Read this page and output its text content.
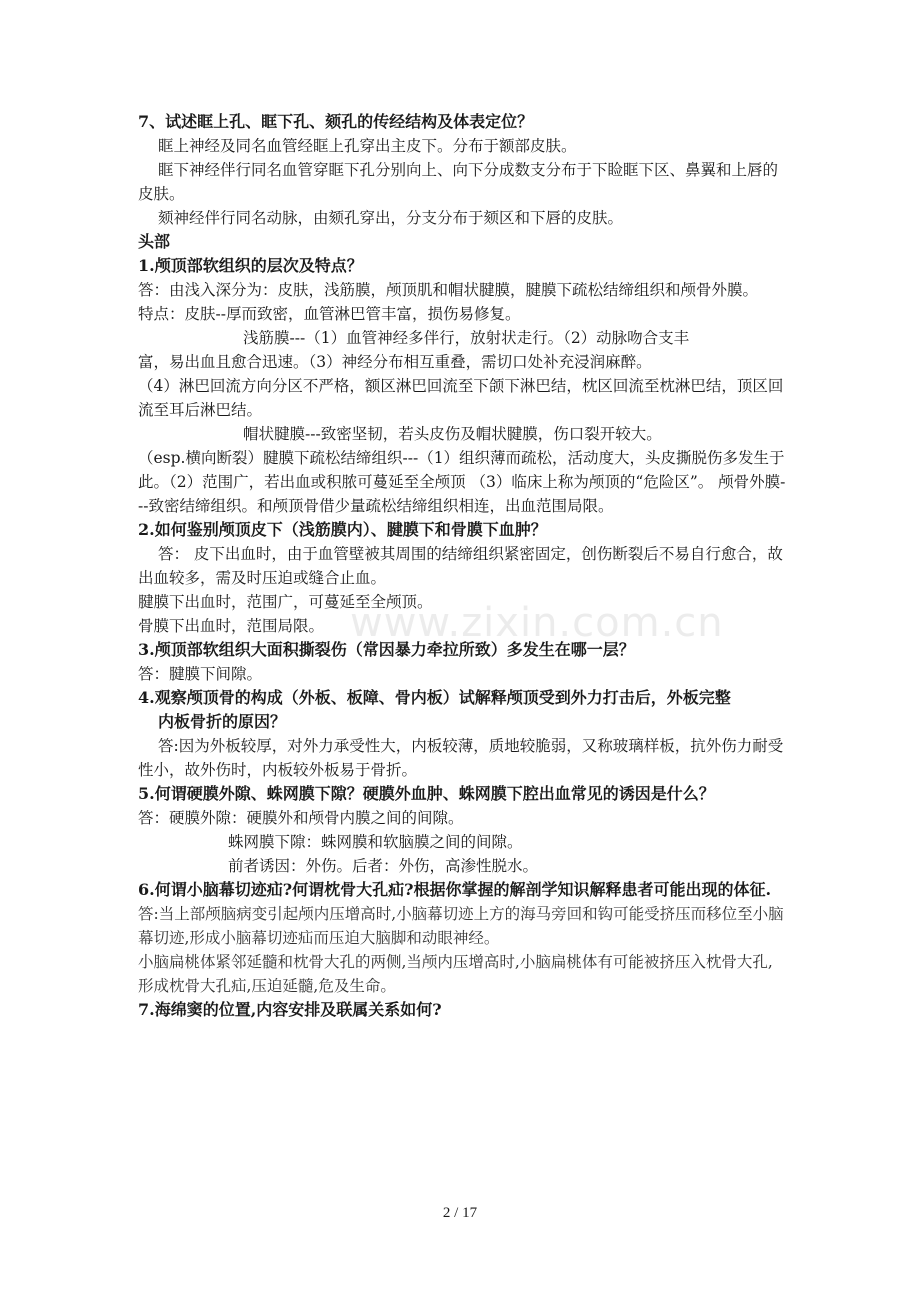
www.zixin.com.cn

7、试述眶上孔、眶下孔、颏孔的传经结构及体表定位？

眶上神经及同名血管经眶上孔穿出主皮下。分布于额部皮肤。

眶下神经伴行同名血管穿眶下孔分别向上、向下分成数支分布于下睑眶下区、鼻翼和上唇的皮肤。

颏神经伴行同名动脉，由颏孔穿出，分支分布于颏区和下唇的皮肤。

头部

1.颅顶部软组织的层次及特点？

答：由浅入深分为：皮肤，浅筋膜，颅顶肌和帽状腱膜，腱膜下疏松结缔组织和颅骨外膜。

特点：皮肤--厚而致密，血管淋巴管丰富，损伤易修复。

浅筋膜---（1）血管神经多伴行，放射状走行。（2）动脉吻合支丰

富，易出血且愈合迅速。（3）神经分布相互重叠，需切口处补充浸润麻醉。

（4）淋巴回流方向分区不严格，额区淋巴回流至下颌下淋巴结，枕区回流至枕淋巴结，顶区回流至耳后淋巴结。

帽状腱膜---致密坚韧，若头皮伤及帽状腱膜，伤口裂开较大。

（esp.横向断裂）腱膜下疏松结缔组织---（1）组织薄而疏松，活动度大，头皮撕脱伤多发生于此。（2）范围广，若出血或积脓可蔓延至全颅顶 （3）临床上称为颅顶的“危险区”。 颅骨外膜---致密结缔组织。和颅顶骨借少量疏松结缔组织相连，出血范围局限。

2.如何鉴别颅顶皮下（浅筋膜内）、腱膜下和骨膜下血肿？

答： 皮下出血时，由于血管壁被其周围的结缔组织紧密固定，创伤断裂后不易自行愈合，故出血较多，需及时压迫或缝合止血。

腱膜下出血时，范围广，可蔓延至全颅顶。

骨膜下出血时，范围局限。

3.颅顶部软组织大面积撕裂伤（常因暴力牵拉所致）多发生在哪一层？

答：腱膜下间隙。

4.观察颅顶骨的构成（外板、板障、骨内板）试解释颅顶受到外力打击后，外板完整

内板骨折的原因？

答:因为外板较厚，对外力承受性大，内板较薄，质地较脆弱，又称玻璃样板，抗外伤力耐受性小，故外伤时，内板较外板易于骨折。

5.何谓硬膜外隙、蛛网膜下隙？硬膜外血肿、蛛网膜下腔出血常见的诱因是什么？

答：硬膜外隙：硬膜外和颅骨内膜之间的间隙。

蛛网膜下隙：蛛网膜和软脑膜之间的间隙。

前者诱因：外伤。后者：外伤，高渗性脱水。

6.何谓小脑幕切迹疝?何谓枕骨大孔疝?根据你掌握的解剖学知识解释患者可能出现的体征.

答:当上部颅脑病变引起颅内压增高时,小脑幕切迹上方的海马旁回和钩可能受挤压而移位至小脑幕切迹,形成小脑幕切迹疝而压迫大脑脚和动眼神经。

小脑扁桃体紧邻延髓和枕骨大孔的两侧,当颅内压增高时,小脑扁桃体有可能被挤压入枕骨大孔,形成枕骨大孔疝,压迫延髓,危及生命。

7.海绵窦的位置,内容安排及联属关系如何?

2 / 17
